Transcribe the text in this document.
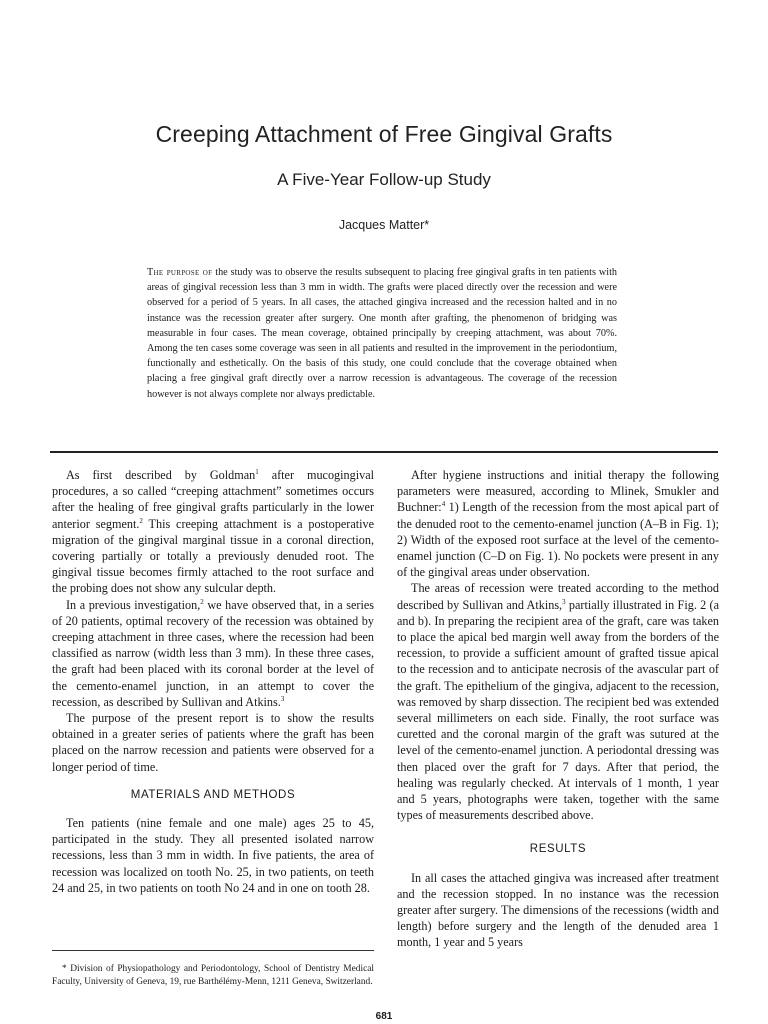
Creeping Attachment of Free Gingival Grafts
A Five-Year Follow-up Study
Jacques Matter*

The purpose of the study was to observe the results subsequent to placing free gingival grafts in ten patients with areas of gingival recession less than 3 mm in width. The grafts were placed directly over the recession and were observed for a period of 5 years. In all cases, the attached gingiva increased and the recession halted and in no instance was the recession greater after surgery. One month after grafting, the phenomenon of bridging was measurable in four cases. The mean coverage, obtained principally by creeping attachment, was about 70%. Among the ten cases some coverage was seen in all patients and resulted in the improvement in the periodontium, functionally and esthetically. On the basis of this study, one could conclude that the coverage obtained when placing a free gingival graft directly over a narrow recession is advantageous. The coverage of the recession however is not always complete nor always predictable.

As first described by Goldman$^1$ after mucogingival procedures, a so called “creeping attachment” sometimes occurs after the healing of free gingival grafts particularly in the lower anterior segment.$^2$ This creeping attachment is a postoperative migration of the gingival marginal tissue in a coronal direction, covering partially or totally a previously denuded root. The gingival tissue becomes firmly attached to the root surface and the probing does not show any sulcular depth.

In a previous investigation,$^2$ we have observed that, in a series of 20 patients, optimal recovery of the recession was obtained by creeping attachment in three cases, where the recession had been classified as narrow (width less than 3 mm). In these three cases, the graft had been placed with its coronal border at the level of the cemento-enamel junction, in an attempt to cover the recession, as described by Sullivan and Atkins.$^3$

The purpose of the present report is to show the results obtained in a greater series of patients where the graft has been placed on the narrow recession and patients were observed for a longer period of time.

MATERIALS AND METHODS

Ten patients (nine female and one male) ages 25 to 45, participated in the study. They all presented isolated narrow recessions, less than 3 mm in width. In five patients, the area of recession was localized on tooth No. 25, in two patients, on teeth 24 and 25, in two patients on tooth No 24 and in one on tooth 28.

After hygiene instructions and initial therapy the following parameters were measured, according to Mlinek, Smukler and Buchner:$^4$ 1) Length of the recession from the most apical part of the denuded root to the cemento-enamel junction (A–B in Fig. 1); 2) Width of the exposed root surface at the level of the cemento-enamel junction (C–D on Fig. 1). No pockets were present in any of the gingival areas under observation.

The areas of recession were treated according to the method described by Sullivan and Atkins,$^3$ partially illustrated in Fig. 2 (a and b). In preparing the recipient area of the graft, care was taken to place the apical bed margin well away from the borders of the recession, to provide a sufficient amount of grafted tissue apical to the recession and to anticipate necrosis of the avascular part of the graft. The epithelium of the gingiva, adjacent to the recession, was removed by sharp dissection. The recipient bed was extended several millimeters on each side. Finally, the root surface was curetted and the coronal margin of the graft was sutured at the level of the cemento-enamel junction. A periodontal dressing was then placed over the graft for 7 days. After that period, the healing was regularly checked. At intervals of 1 month, 1 year and 5 years, photographs were taken, together with the same types of measurements described above.

RESULTS

In all cases the attached gingiva was increased after treatment and the recession stopped. In no instance was the recession greater after surgery. The dimensions of the recessions (width and length) before surgery and the length of the denuded area 1 month, 1 year and 5 years

* Division of Physiopathology and Periodontology, School of Dentistry Medical Faculty, University of Geneva, 19, rue Barthélémy-Menn, 1211 Geneva, Switzerland.

681
